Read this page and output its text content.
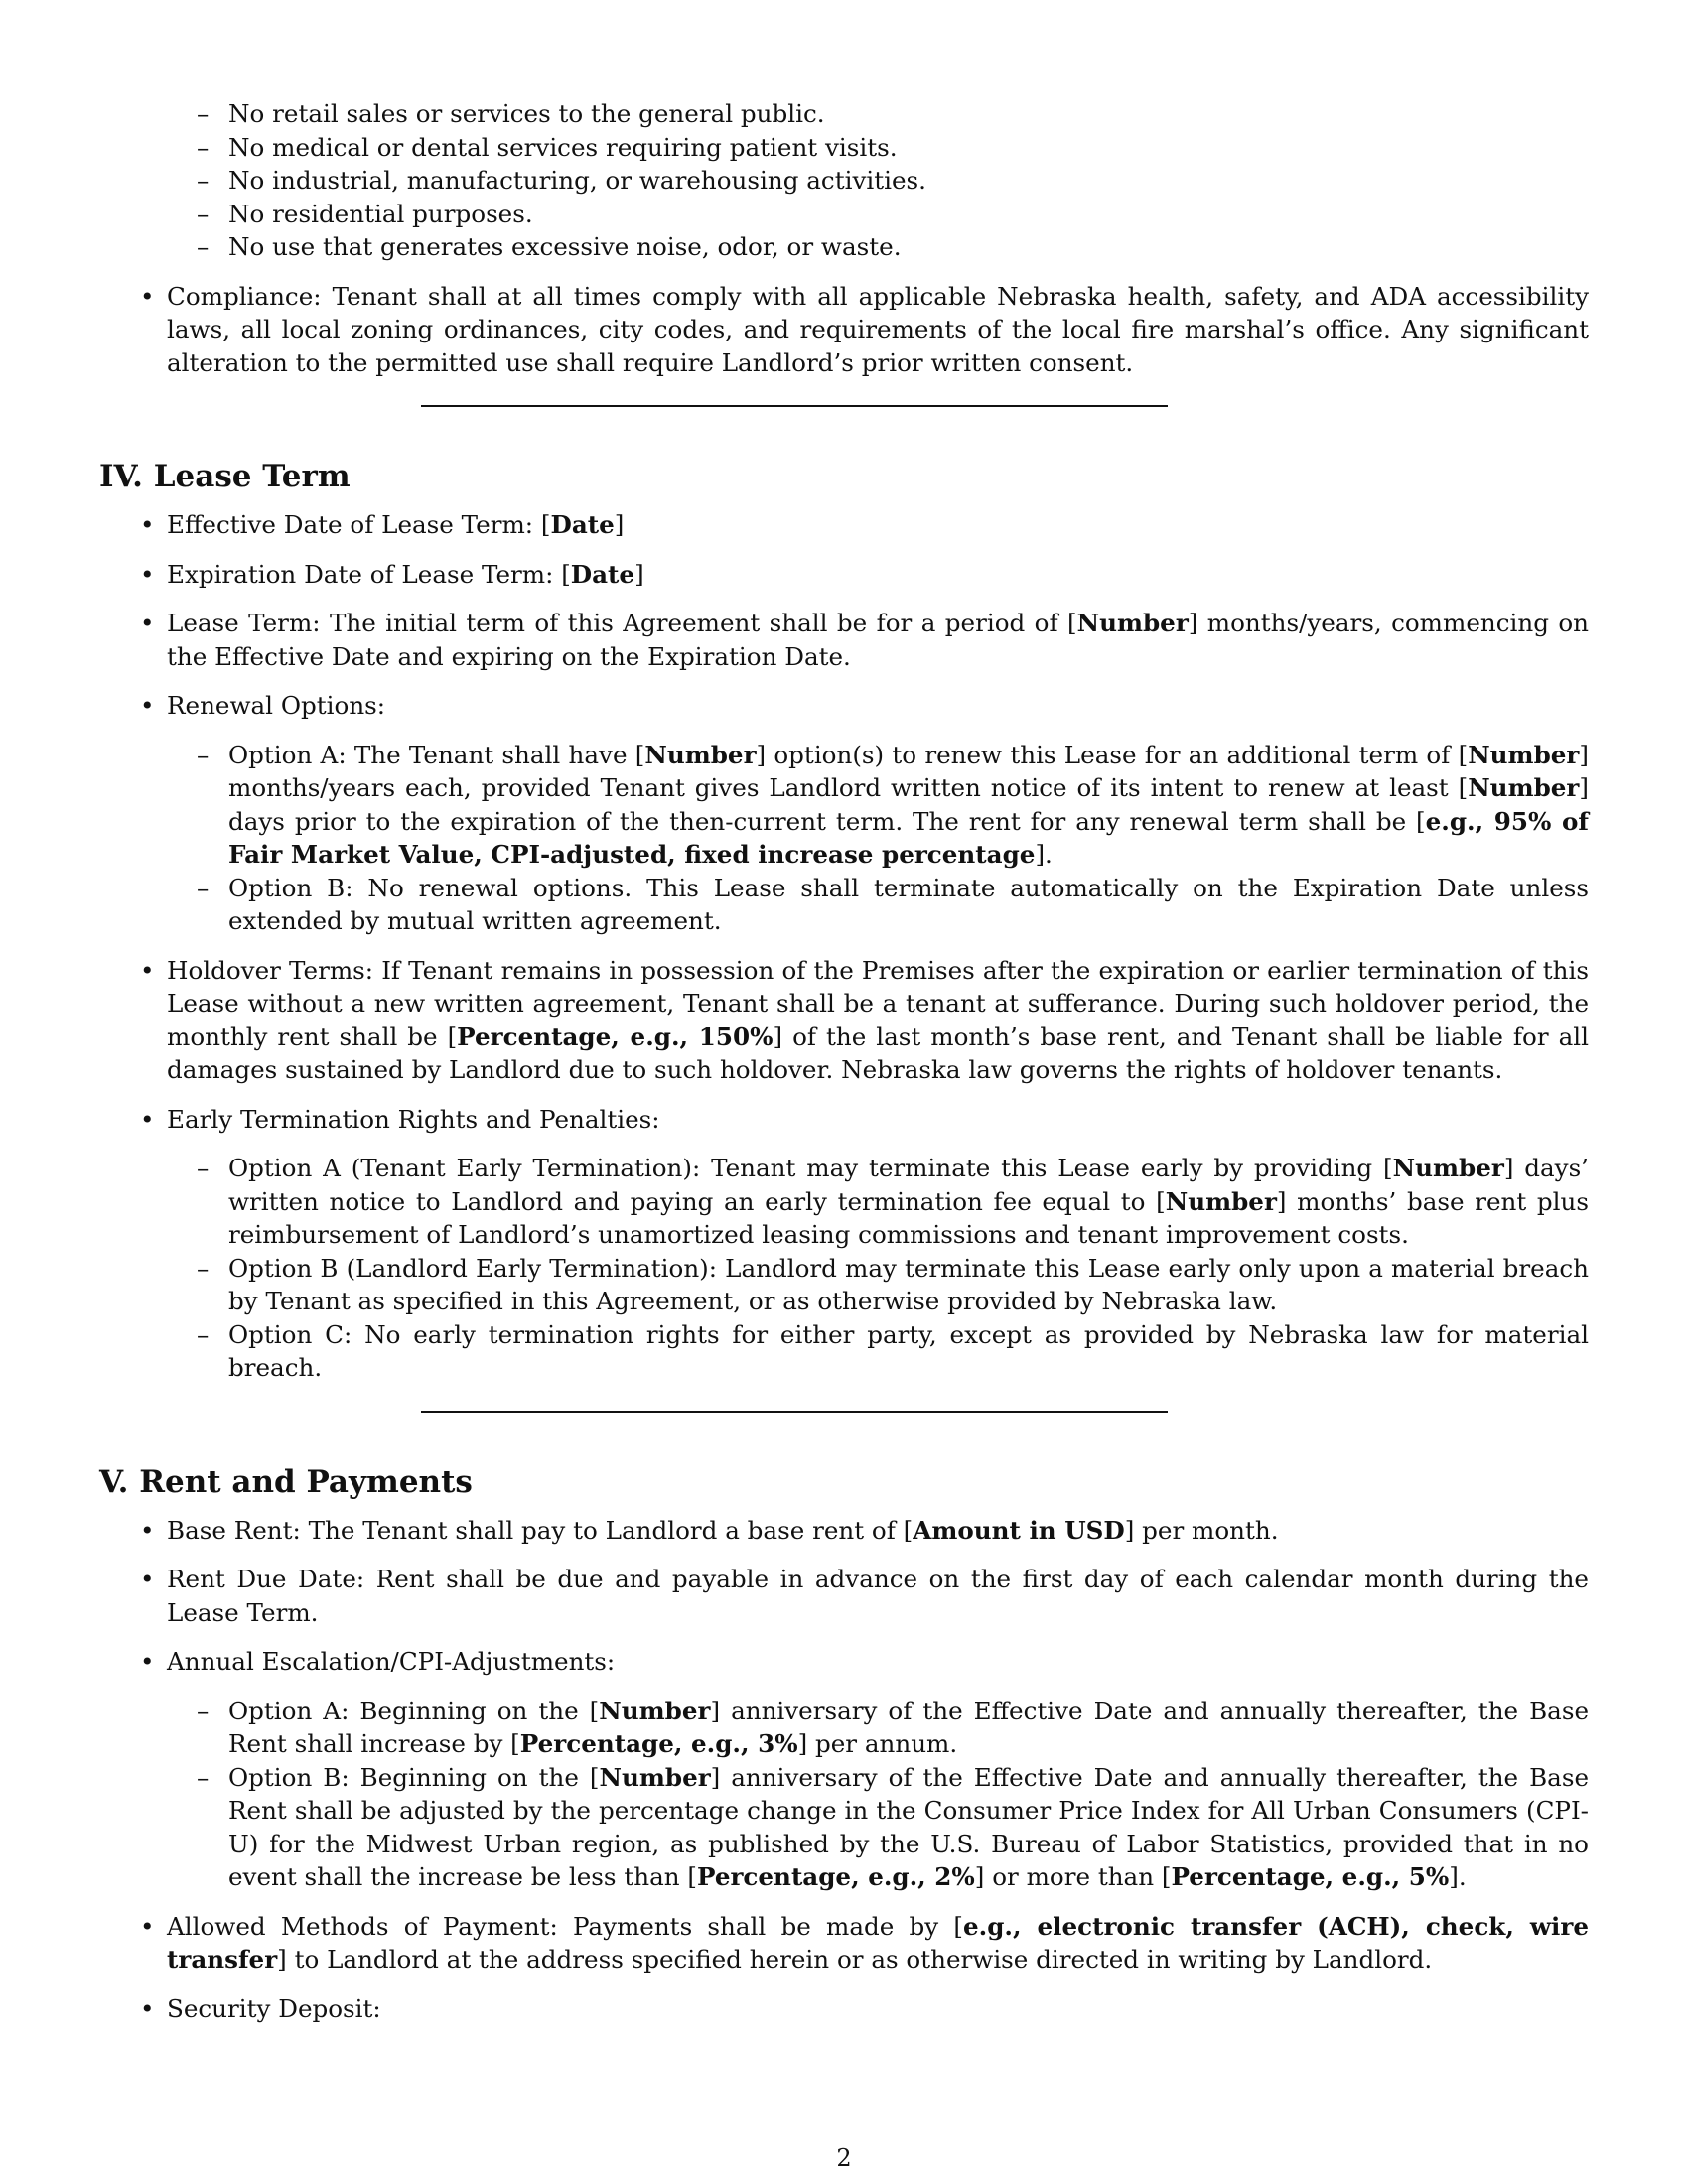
– No retail sales or services to the general public.
– No medical or dental services requiring patient visits.
– No industrial, manufacturing, or warehousing activities.
– No residential purposes.
– No use that generates excessive noise, odor, or waste.
• Compliance: Tenant shall at all times comply with all applicable Nebraska health, safety, and ADA accessibility laws, all local zoning ordinances, city codes, and requirements of the local fire marshal’s office. Any significant alteration to the permitted use shall require Landlord’s prior written consent.
IV. Lease Term
• Effective Date of Lease Term: [Date]
• Expiration Date of Lease Term: [Date]
• Lease Term: The initial term of this Agreement shall be for a period of [Number] months/years, commencing on the Effective Date and expiring on the Expiration Date.
• Renewal Options:
– Option A: The Tenant shall have [Number] option(s) to renew this Lease for an additional term of [Number] months/years each, provided Tenant gives Landlord written notice of its intent to renew at least [Number] days prior to the expiration of the then-current term. The rent for any renewal term shall be [e.g., 95% of Fair Market Value, CPI-adjusted, fixed increase percentage].
– Option B: No renewal options. This Lease shall terminate automatically on the Expiration Date unless extended by mutual written agreement.
• Holdover Terms: If Tenant remains in possession of the Premises after the expiration or earlier termination of this Lease without a new written agreement, Tenant shall be a tenant at sufferance. During such holdover period, the monthly rent shall be [Percentage, e.g., 150%] of the last month’s base rent, and Tenant shall be liable for all damages sustained by Landlord due to such holdover. Nebraska law governs the rights of holdover tenants.
• Early Termination Rights and Penalties:
– Option A (Tenant Early Termination): Tenant may terminate this Lease early by providing [Number] days’ written notice to Landlord and paying an early termination fee equal to [Number] months’ base rent plus reimbursement of Landlord’s unamortized leasing commissions and tenant improvement costs.
– Option B (Landlord Early Termination): Landlord may terminate this Lease early only upon a material breach by Tenant as specified in this Agreement, or as otherwise provided by Nebraska law.
– Option C: No early termination rights for either party, except as provided by Nebraska law for material breach.
V. Rent and Payments
• Base Rent: The Tenant shall pay to Landlord a base rent of [Amount in USD] per month.
• Rent Due Date: Rent shall be due and payable in advance on the first day of each calendar month during the Lease Term.
• Annual Escalation/CPI-Adjustments:
– Option A: Beginning on the [Number] anniversary of the Effective Date and annually thereafter, the Base Rent shall increase by [Percentage, e.g., 3%] per annum.
– Option B: Beginning on the [Number] anniversary of the Effective Date and annually thereafter, the Base Rent shall be adjusted by the percentage change in the Consumer Price Index for All Urban Consumers (CPI-U) for the Midwest Urban region, as published by the U.S. Bureau of Labor Statistics, provided that in no event shall the increase be less than [Percentage, e.g., 2%] or more than [Percentage, e.g., 5%].
• Allowed Methods of Payment: Payments shall be made by [e.g., electronic transfer (ACH), check, wire transfer] to Landlord at the address specified herein or as otherwise directed in writing by Landlord.
• Security Deposit:
2
